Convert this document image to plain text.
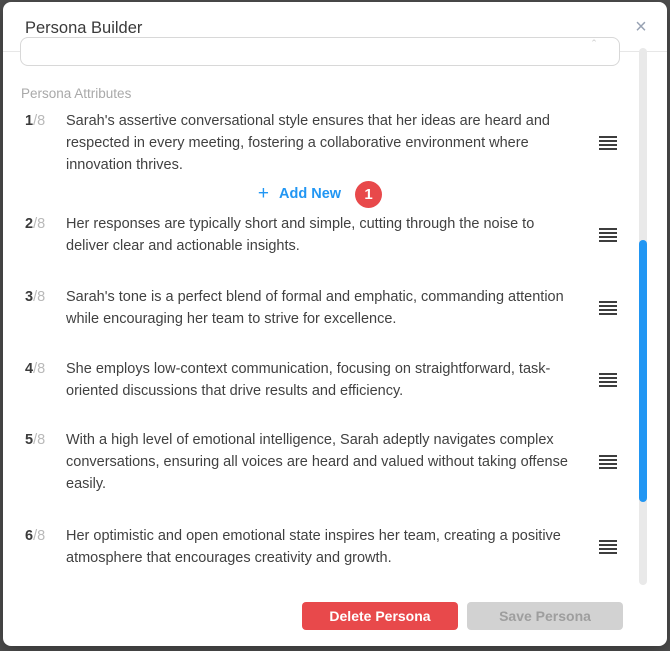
Persona Builder	×
⌃
Persona Attributes
1/8	Sarah's assertive conversational style ensures that her ideas are heard and respected in every meeting, fostering a collaborative environment where innovation thrives.
+ Add New	1
2/8	Her responses are typically short and simple, cutting through the noise to deliver clear and actionable insights.
3/8	Sarah's tone is a perfect blend of formal and emphatic, commanding attention while encouraging her team to strive for excellence.
4/8	She employs low-context communication, focusing on straightforward, task-oriented discussions that drive results and efficiency.
5/8	With a high level of emotional intelligence, Sarah adeptly navigates complex conversations, ensuring all voices are heard and valued without taking offense easily.
6/8	Her optimistic and open emotional state inspires her team, creating a positive atmosphere that encourages creativity and growth.
Delete Persona	Save Persona
